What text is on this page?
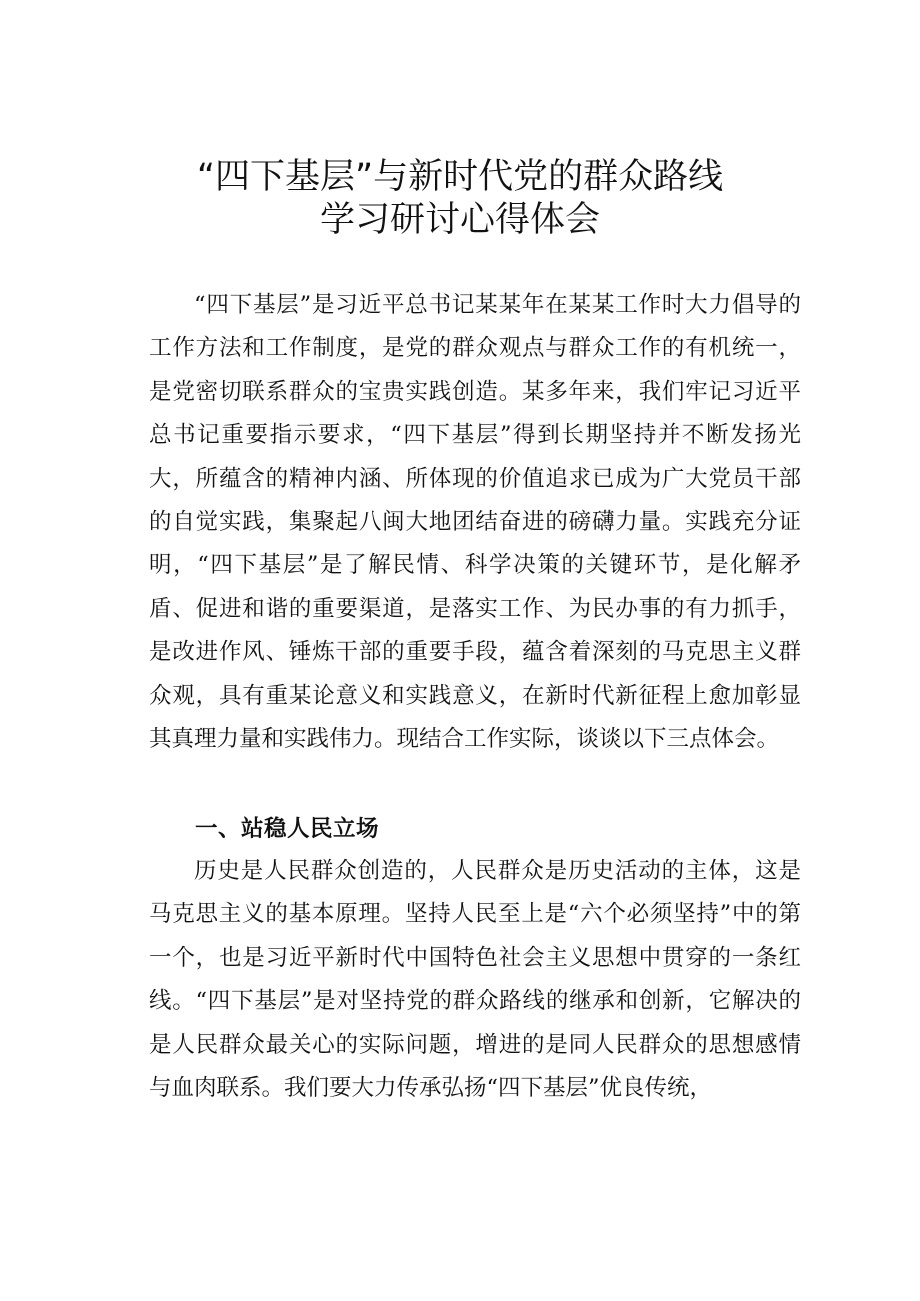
“四下基层”与新时代党的群众路线
学习研讨心得体会

“四下基层”是习近平总书记某某年在某某工作时大力倡导的工作方法和工作制度，是党的群众观点与群众工作的有机统一，是党密切联系群众的宝贵实践创造。某多年来，我们牢记习近平总书记重要指示要求，“四下基层”得到长期坚持并不断发扬光大，所蕴含的精神内涵、所体现的价值追求已成为广大党员干部的自觉实践，集聚起八闽大地团结奋进的磅礴力量。实践充分证明，“四下基层”是了解民情、科学决策的关键环节，是化解矛盾、促进和谐的重要渠道，是落实工作、为民办事的有力抓手，是改进作风、锤炼干部的重要手段，蕴含着深刻的马克思主义群众观，具有重某论意义和实践意义，在新时代新征程上愈加彰显其真理力量和实践伟力。现结合工作实际，谈谈以下三点体会。

一、站稳人民立场

历史是人民群众创造的，人民群众是历史活动的主体，这是马克思主义的基本原理。坚持人民至上是“六个必须坚持”中的第一个，也是习近平新时代中国特色社会主义思想中贯穿的一条红线。“四下基层”是对坚持党的群众路线的继承和创新，它解决的是人民群众最关心的实际问题，增进的是同人民群众的思想感情与血肉联系。我们要大力传承弘扬“四下基层”优良传统，
